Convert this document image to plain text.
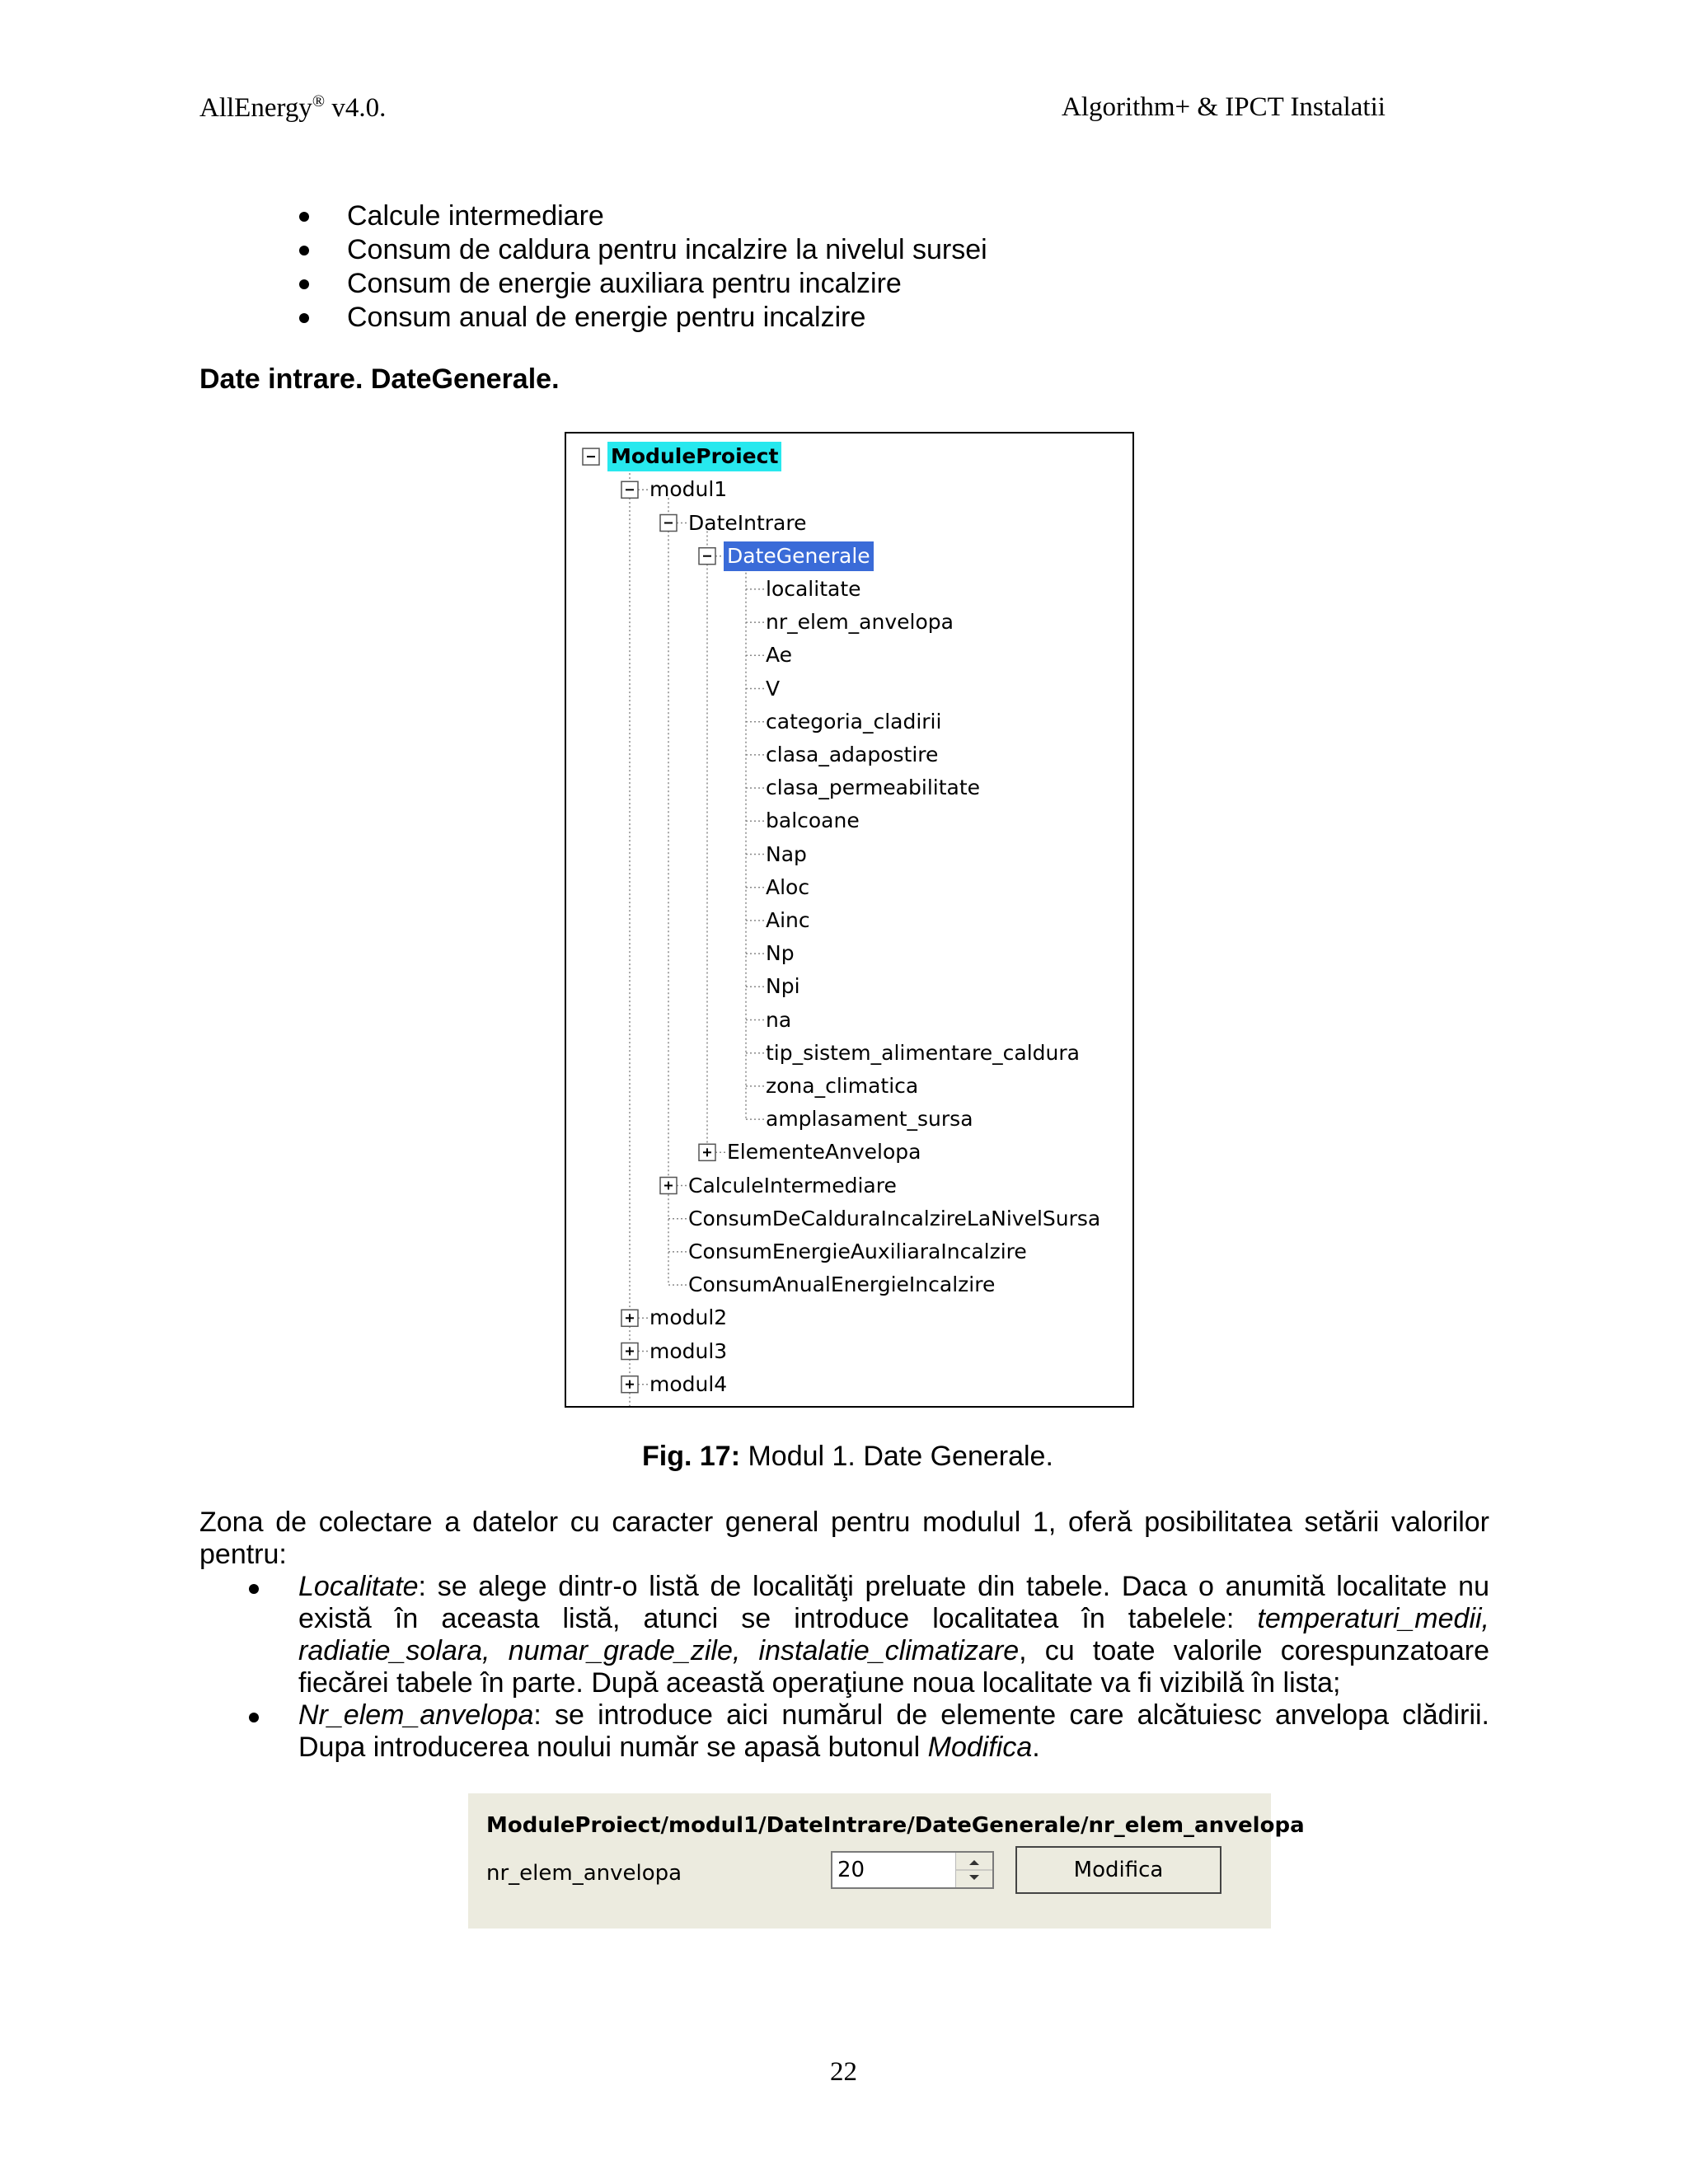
AllEnergy® v4.0.	Algorithm+ & IPCT Instalatii
Calcule intermediare
Consum de caldura pentru incalzire la nivelul sursei
Consum de energie auxiliara pentru incalzire
Consum anual de energie pentru incalzire
Date intrare. DateGenerale.
ModuleProiect
modul1
DateIntrare
DateGenerale
localitate
nr_elem_anvelopa
Ae
V
categoria_cladirii
clasa_adapostire
clasa_permeabilitate
balcoane
Nap
Aloc
Ainc
Np
Npi
na
tip_sistem_alimentare_caldura
zona_climatica
amplasament_sursa
ElementeAnvelopa
CalculeIntermediare
ConsumDeCalduraIncalzireLaNivelSursa
ConsumEnergieAuxiliaraIncalzire
ConsumAnualEnergieIncalzire
modul2
modul3
modul4
Fig. 17: Modul 1. Date Generale.
Zona de colectare a datelor cu caracter general pentru modulul 1, oferă posibilitatea setării valorilor pentru:
Localitate: se alege dintr-o listă de localităţi preluate din tabele. Daca o anumită localitate nu există în aceasta listă, atunci se introduce localitatea în tabelele: temperaturi_medii, radiatie_solara, numar_grade_zile, instalatie_climatizare, cu toate valorile corespunzatoare fiecărei tabele în parte. După această operaţiune noua localitate va fi vizibilă în lista;
Nr_elem_anvelopa: se introduce aici numărul de elemente care alcătuiesc anvelopa clădirii. Dupa introducerea noului număr se apasă butonul Modifica.
ModuleProiect/modul1/DateIntrare/DateGenerale/nr_elem_anvelopa
nr_elem_anvelopa	20	Modifica
22
